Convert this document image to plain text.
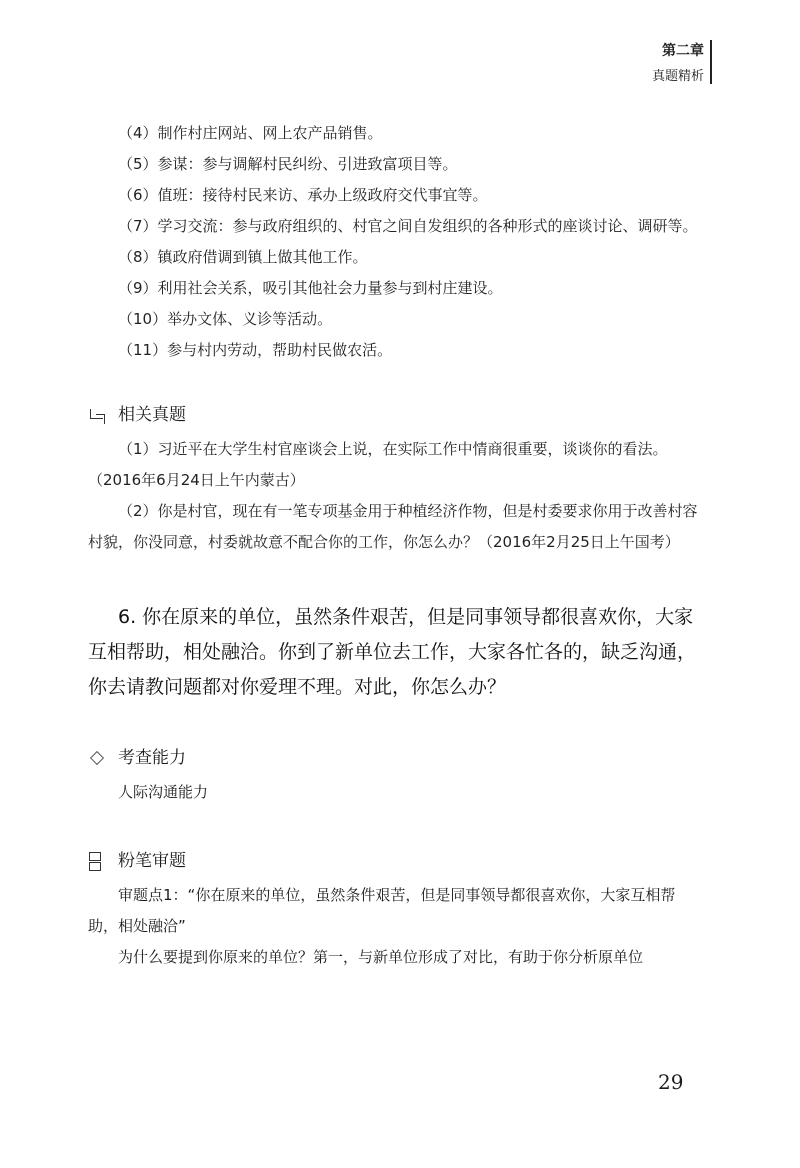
第二章
真题精析

（4）制作村庄网站、网上农产品销售。

（5）参谋：参与调解村民纠纷、引进致富项目等。

（6）值班：接待村民来访、承办上级政府交代事宜等。

（7）学习交流：参与政府组织的、村官之间自发组织的各种形式的座谈讨论、调研等。

（8）镇政府借调到镇上做其他工作。

（9）利用社会关系，吸引其他社会力量参与到村庄建设。

（10）举办文体、义诊等活动。

（11）参与村内劳动，帮助村民做农活。

相关真题

（1）习近平在大学生村官座谈会上说，在实际工作中情商很重要，谈谈你的看法。（2016年6月24日上午内蒙古）

（2）你是村官，现在有一笔专项基金用于种植经济作物，但是村委要求你用于改善村容村貌，你没同意，村委就故意不配合你的工作，你怎么办？（2016年2月25日上午国考）

6. 你在原来的单位，虽然条件艰苦，但是同事领导都很喜欢你，大家互相帮助，相处融洽。你到了新单位去工作，大家各忙各的，缺乏沟通，你去请教问题都对你爱理不理。对此，你怎么办？
考查能力

人际沟通能力

粉笔审题

审题点1：“你在原来的单位，虽然条件艰苦，但是同事领导都很喜欢你，大家互相帮助，相处融洽”

为什么要提到你原来的单位？第一，与新单位形成了对比，有助于你分析原单位

29
